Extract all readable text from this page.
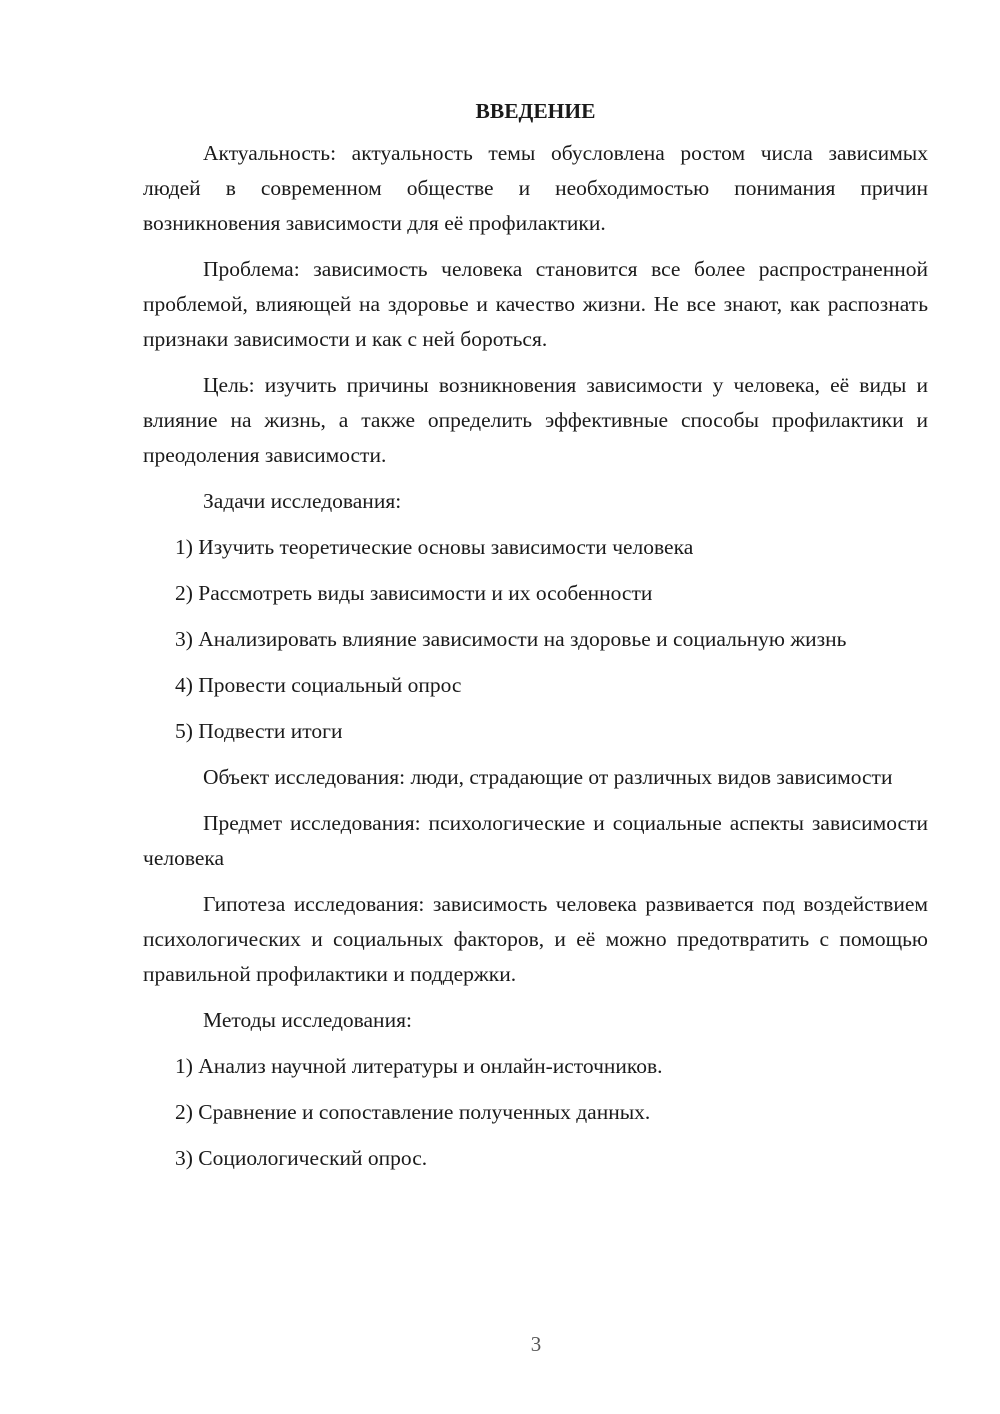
ВВЕДЕНИЕ

Актуальность: актуальность темы обусловлена ростом числа зависимых людей в современном обществе и необходимостью понимания причин возникновения зависимости для её профилактики.

Проблема: зависимость человека становится все более распространенной проблемой, влияющей на здоровье и качество жизни. Не все знают, как распознать признаки зависимости и как с ней бороться.

Цель: изучить причины возникновения зависимости у человека, её виды и влияние на жизнь, а также определить эффективные способы профилактики и преодоления зависимости.

Задачи исследования:

1) Изучить теоретические основы зависимости человека

2) Рассмотреть виды зависимости и их особенности

3) Анализировать влияние зависимости на здоровье и социальную жизнь

4) Провести социальный опрос

5) Подвести итоги

Объект исследования: люди, страдающие от различных видов зависимости

Предмет исследования: психологические и социальные аспекты зависимости человека

Гипотеза исследования: зависимость человека развивается под воздействием психологических и социальных факторов, и её можно предотвратить с помощью правильной профилактики и поддержки.

Методы исследования:

1) Анализ научной литературы и онлайн-источников.

2) Сравнение и сопоставление полученных данных.

3) Социологический опрос.

3
